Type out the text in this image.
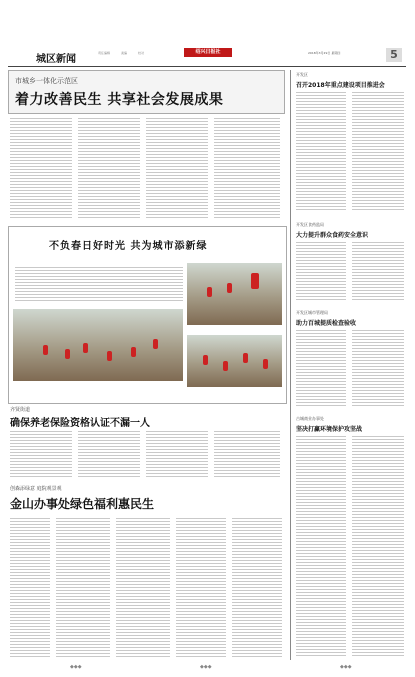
城区新闻
责任编辑	美编	校对	绍兴日报社	2018年3月29日 星期四	5
市城乡一体化示范区
着力改善民生 共享社会发展成果
不负春日好时光 共为城市添新绿
齐贤街道
确保养老保险资格认证不漏一人
创森添绿意 庭院观景观
金山办事处绿色福利惠民生
开发区
召开2018年重点建设项目推进会
开发区食药监局
大力提升群众食药安全意识
开发区城市管理局
助力百城提质检查验收
古城商业办事处
坚决打赢环境保护攻坚战
◆◆◆	◆◆◆	◆◆◆
